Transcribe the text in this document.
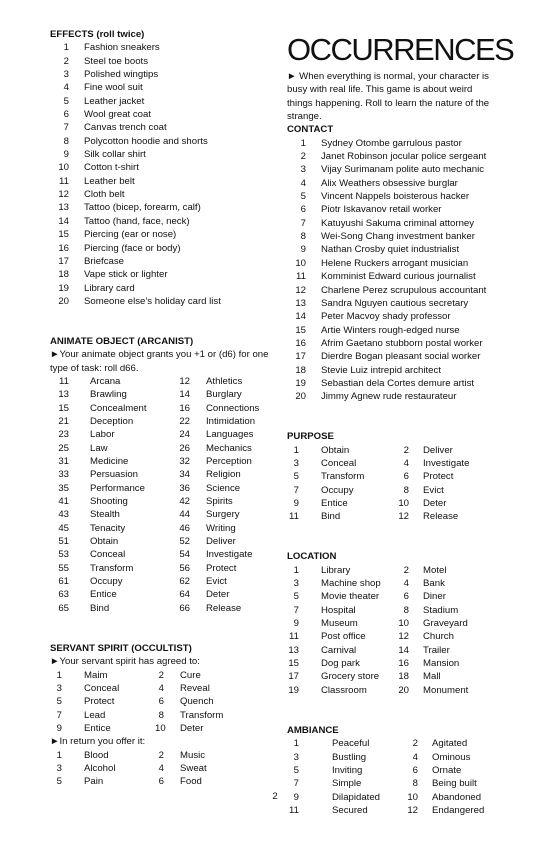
EFFECTS (roll twice)
1 Fashion sneakers
2 Steel toe boots
3 Polished wingtips
4 Fine wool suit
5 Leather jacket
6 Wool great coat
7 Canvas trench coat
8 Polycotton hoodie and shorts
9 Silk collar shirt
10 Cotton t-shirt
11 Leather belt
12 Cloth belt
13 Tattoo (bicep, forearm, calf)
14 Tattoo (hand, face, neck)
15 Piercing (ear or nose)
16 Piercing (face or body)
17 Briefcase
18 Vape stick or lighter
19 Library card
20 Someone else’s holiday card list
ANIMATE OBJECT (ARCANIST)
►Your animate object grants you +1 or (d6) for one type of task: roll d66.
11 Arcana	12 Athletics
13 Brawling	14 Burglary
15 Concealment	16 Connections
21 Deception	22 Intimidation
23 Labor	24 Languages
25 Law	26 Mechanics
31 Medicine	32 Perception
33 Persuasion	34 Religion
35 Performance	36 Science
41 Shooting	42 Spirits
43 Stealth	44 Surgery
45 Tenacity	46 Writing
51 Obtain	52 Deliver
53 Conceal	54 Investigate
55 Transform	56 Protect
61 Occupy	62 Evict
63 Entice	64 Deter
65 Bind	66 Release
SERVANT SPIRIT (OCCULTIST)
►Your servant spirit has agreed to:
1 Maim	2 Cure
3 Conceal	4 Reveal
5 Protect	6 Quench
7 Lead	8 Transform
9 Entice	10 Deter
►In return you offer it:
1 Blood	2 Music
3 Alcohol	4 Sweat
5 Pain	6 Food
OCCURRENCES
► When everything is normal, your character is busy with real life. This game is about weird things happening. Roll to learn the nature of the strange.
CONTACT
1 Sydney Otombe garrulous pastor
2 Janet Robinson jocular police sergeant
3 Vijay Surimanam polite auto mechanic
4 Alix Weathers obsessive burglar
5 Vincent Nappels boisterous hacker
6 Piotr Iskavanov retail worker
7 Katuyushi Sakuma criminal attorney
8 Wei-Song Chang investment banker
9 Nathan Crosby quiet industrialist
10 Helene Ruckers arrogant musician
11 Komminist Edward curious journalist
12 Charlene Perez scrupulous accountant
13 Sandra Nguyen cautious secretary
14 Peter Macvoy shady professor
15 Artie Winters rough-edged nurse
16 Afrim Gaetano stubborn postal worker
17 Dierdre Bogan pleasant social worker
18 Stevie Luiz intrepid architect
19 Sebastian dela Cortes demure artist
20 Jimmy Agnew rude restaurateur
PURPOSE
1 Obtain	2 Deliver
3 Conceal	4 Investigate
5 Transform	6 Protect
7 Occupy	8 Evict
9 Entice	10 Deter
11 Bind	12 Release
LOCATION
1 Library	2 Motel
3 Machine shop	4 Bank
5 Movie theater	6 Diner
7 Hospital	8 Stadium
9 Museum	10 Graveyard
11 Post office	12 Church
13 Carnival	14 Trailer
15 Dog park	16 Mansion
17 Grocery store	18 Mall
19 Classroom	20 Monument
AMBIANCE
1	Peaceful	2 Agitated
3	Bustling	4 Ominous
5	Inviting	6 Ornate
7	Simple	8 Being built
9	Dilapidated	10 Abandoned
11	Secured	12 Endangered
2
